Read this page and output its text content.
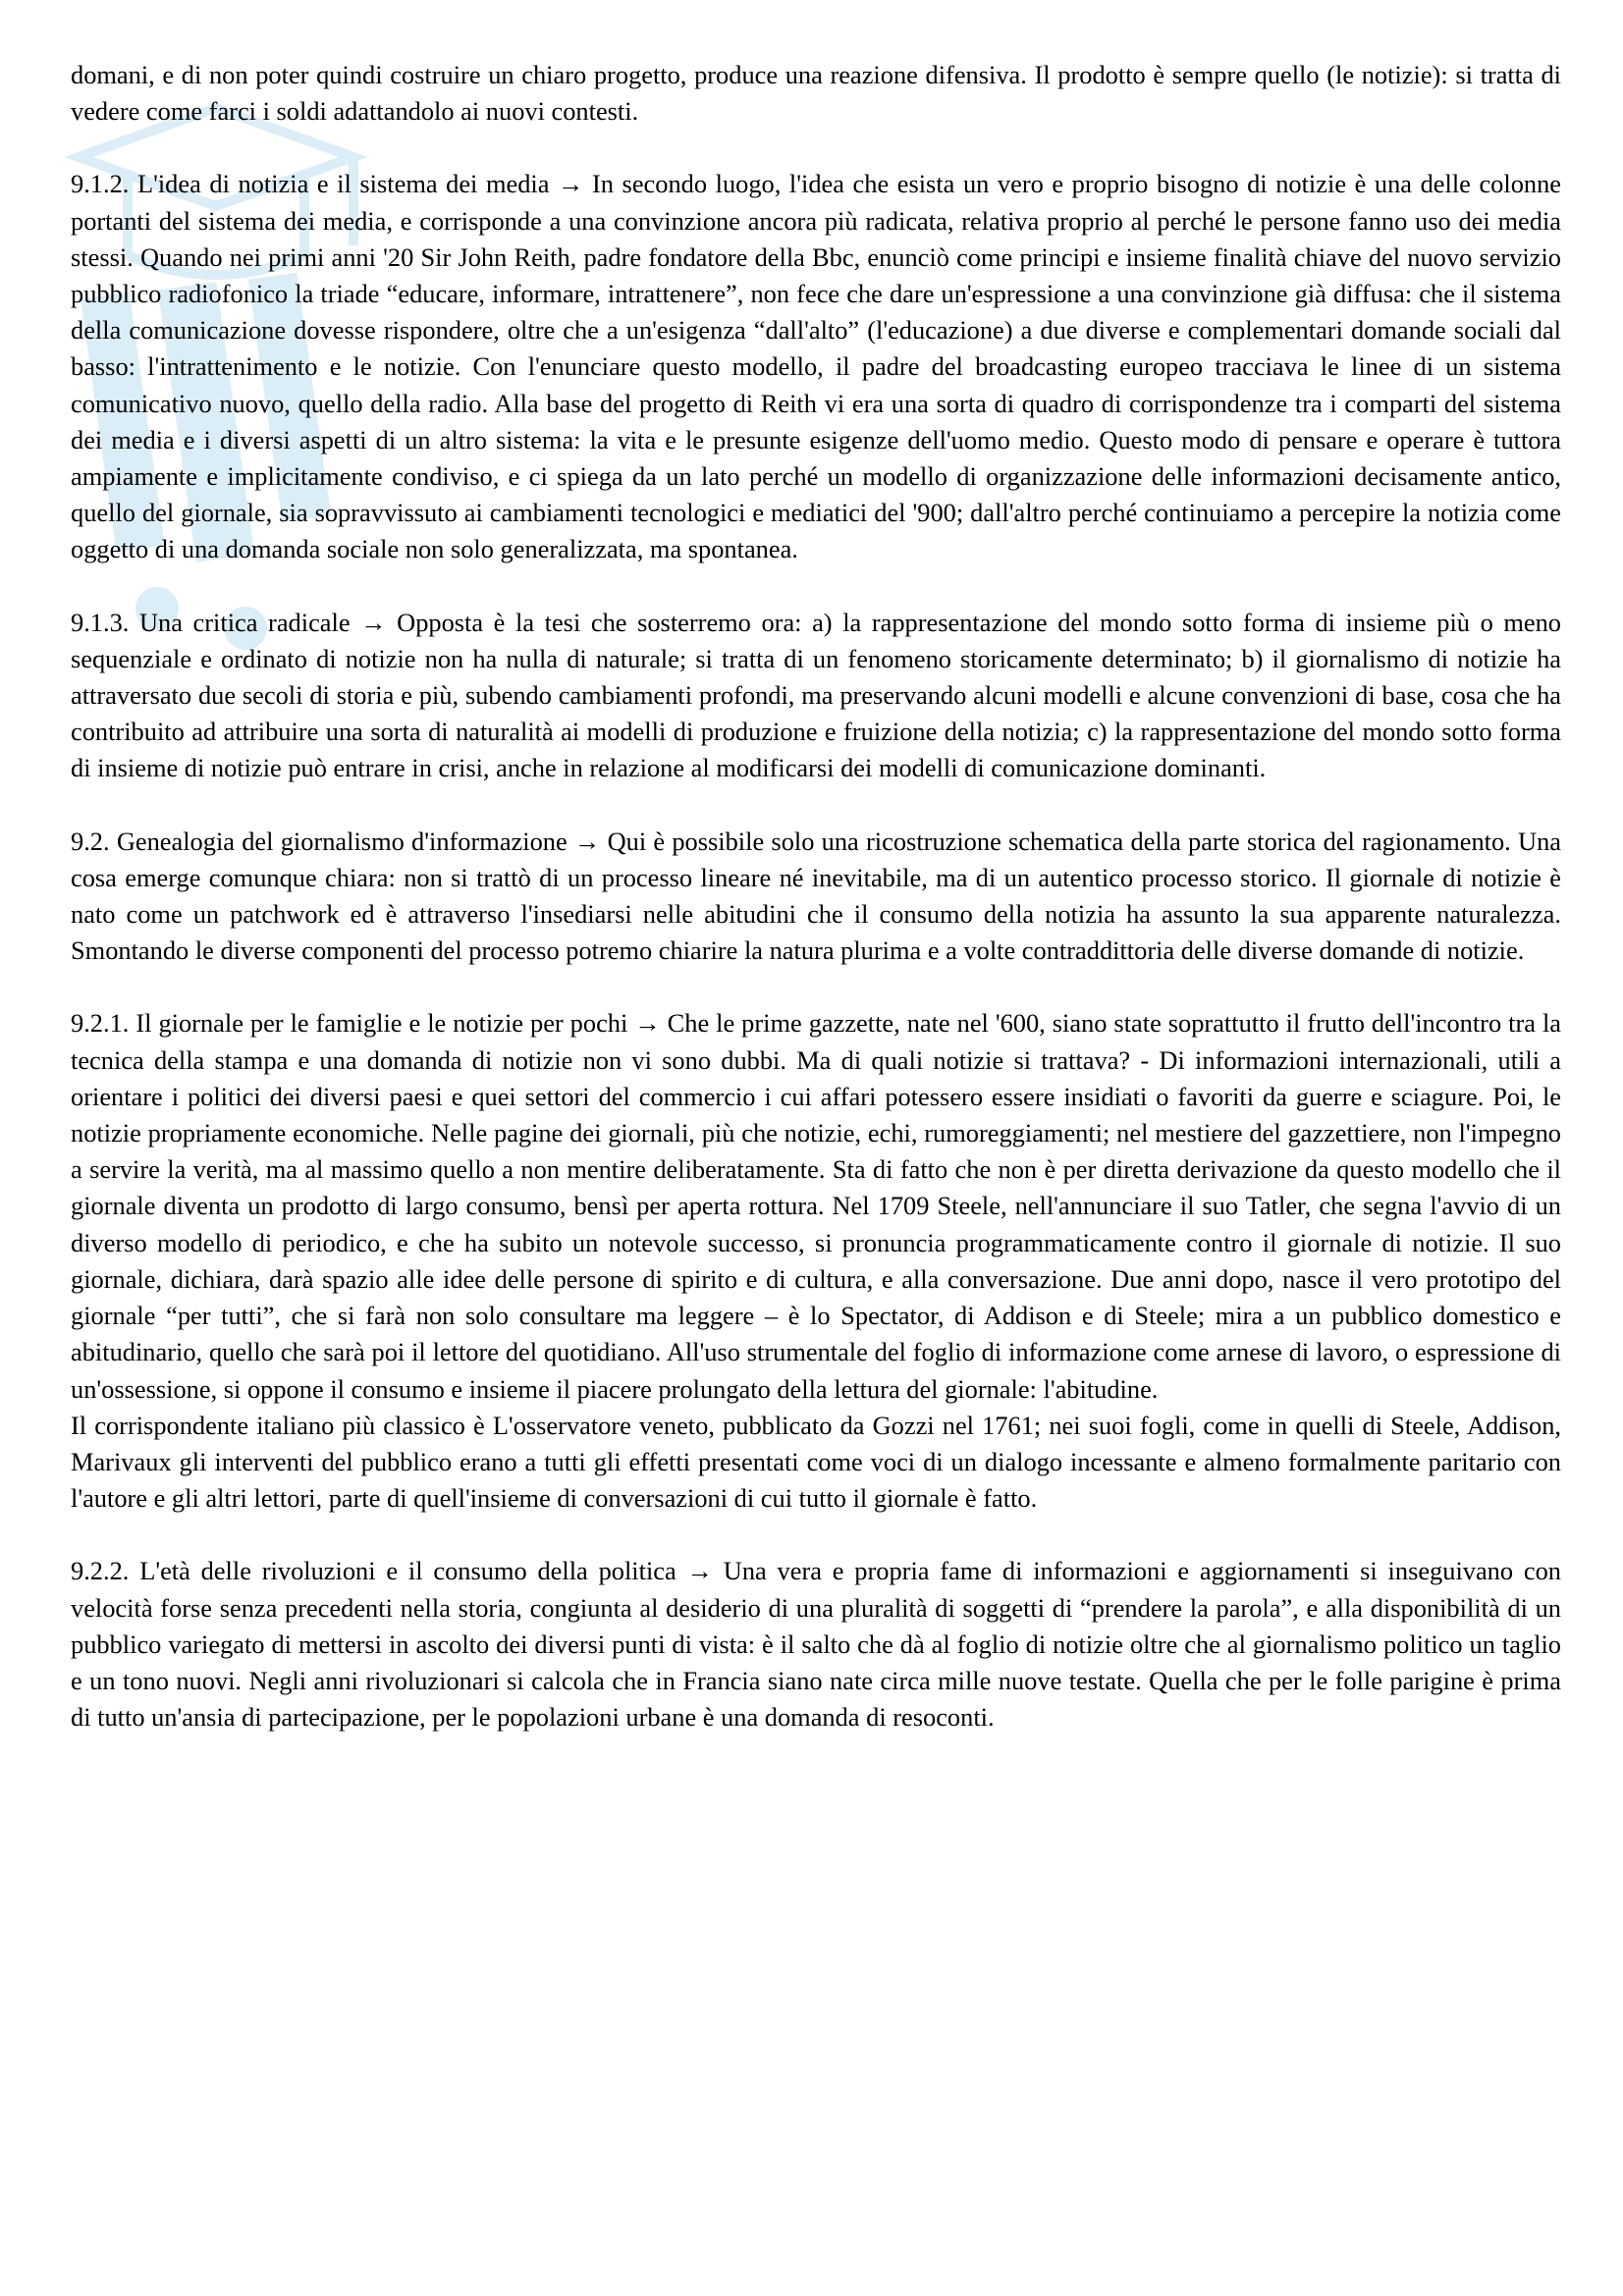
domani, e di non poter quindi costruire un chiaro progetto, produce una reazione difensiva. Il prodotto è sempre quello (le notizie): si tratta di vedere come farci i soldi adattandolo ai nuovi contesti.

9.1.2. L'idea di notizia e il sistema dei media → In secondo luogo, l'idea che esista un vero e proprio bisogno di notizie è una delle colonne portanti del sistema dei media, e corrisponde a una convinzione ancora più radicata, relativa proprio al perché le persone fanno uso dei media stessi. Quando nei primi anni '20 Sir John Reith, padre fondatore della Bbc, enunciò come principi e insieme finalità chiave del nuovo servizio pubblico radiofonico la triade “educare, informare, intrattenere”, non fece che dare un'espressione a una convinzione già diffusa: che il sistema della comunicazione dovesse rispondere, oltre che a un'esigenza “dall'alto” (l'educazione) a due diverse e complementari domande sociali dal basso: l'intrattenimento e le notizie. Con l'enunciare questo modello, il padre del broadcasting europeo tracciava le linee di un sistema comunicativo nuovo, quello della radio. Alla base del progetto di Reith vi era una sorta di quadro di corrispondenze tra i comparti del sistema dei media e i diversi aspetti di un altro sistema: la vita e le presunte esigenze dell'uomo medio. Questo modo di pensare e operare è tuttora ampiamente e implicitamente condiviso, e ci spiega da un lato perché un modello di organizzazione delle informazioni decisamente antico, quello del giornale, sia sopravvissuto ai cambiamenti tecnologici e mediatici del '900; dall'altro perché continuiamo a percepire la notizia come oggetto di una domanda sociale non solo generalizzata, ma spontanea.

9.1.3. Una critica radicale → Opposta è la tesi che sosterremo ora: a) la rappresentazione del mondo sotto forma di insieme più o meno sequenziale e ordinato di notizie non ha nulla di naturale; si tratta di un fenomeno storicamente determinato; b) il giornalismo di notizie ha attraversato due secoli di storia e più, subendo cambiamenti profondi, ma preservando alcuni modelli e alcune convenzioni di base, cosa che ha contribuito ad attribuire una sorta di naturalità ai modelli di produzione e fruizione della notizia; c) la rappresentazione del mondo sotto forma di insieme di notizie può entrare in crisi, anche in relazione al modificarsi dei modelli di comunicazione dominanti.

9.2. Genealogia del giornalismo d'informazione → Qui è possibile solo una ricostruzione schematica della parte storica del ragionamento. Una cosa emerge comunque chiara: non si trattò di un processo lineare né inevitabile, ma di un autentico processo storico. Il giornale di notizie è nato come un patchwork ed è attraverso l'insediarsi nelle abitudini che il consumo della notizia ha assunto la sua apparente naturalezza. Smontando le diverse componenti del processo potremo chiarire la natura plurima e a volte contraddittoria delle diverse domande di notizie.

9.2.1. Il giornale per le famiglie e le notizie per pochi → Che le prime gazzette, nate nel '600, siano state soprattutto il frutto dell'incontro tra la tecnica della stampa e una domanda di notizie non vi sono dubbi. Ma di quali notizie si trattava? - Di informazioni internazionali, utili a orientare i politici dei diversi paesi e quei settori del commercio i cui affari potessero essere insidiati o favoriti da guerre e sciagure. Poi, le notizie propriamente economiche. Nelle pagine dei giornali, più che notizie, echi, rumoreggiamenti; nel mestiere del gazzettiere, non l'impegno a servire la verità, ma al massimo quello a non mentire deliberatamente. Sta di fatto che non è per diretta derivazione da questo modello che il giornale diventa un prodotto di largo consumo, bensì per aperta rottura. Nel 1709 Steele, nell'annunciare il suo Tatler, che segna l'avvio di un diverso modello di periodico, e che ha subito un notevole successo, si pronuncia programmaticamente contro il giornale di notizie. Il suo giornale, dichiara, darà spazio alle idee delle persone di spirito e di cultura, e alla conversazione. Due anni dopo, nasce il vero prototipo del giornale “per tutti”, che si farà non solo consultare ma leggere – è lo Spectator, di Addison e di Steele; mira a un pubblico domestico e abitudinario, quello che sarà poi il lettore del quotidiano. All'uso strumentale del foglio di informazione come arnese di lavoro, o espressione di un'ossessione, si oppone il consumo e insieme il piacere prolungato della lettura del giornale: l'abitudine.

Il corrispondente italiano più classico è L'osservatore veneto, pubblicato da Gozzi nel 1761; nei suoi fogli, come in quelli di Steele, Addison, Marivaux gli interventi del pubblico erano a tutti gli effetti presentati come voci di un dialogo incessante e almeno formalmente paritario con l'autore e gli altri lettori, parte di quell'insieme di conversazioni di cui tutto il giornale è fatto.

9.2.2. L'età delle rivoluzioni e il consumo della politica → Una vera e propria fame di informazioni e aggiornamenti si inseguivano con velocità forse senza precedenti nella storia, congiunta al desiderio di una pluralità di soggetti di “prendere la parola”, e alla disponibilità di un pubblico variegato di mettersi in ascolto dei diversi punti di vista: è il salto che dà al foglio di notizie oltre che al giornalismo politico un taglio e un tono nuovi. Negli anni rivoluzionari si calcola che in Francia siano nate circa mille nuove testate. Quella che per le folle parigine è prima di tutto un'ansia di partecipazione, per le popolazioni urbane è una domanda di resoconti.
